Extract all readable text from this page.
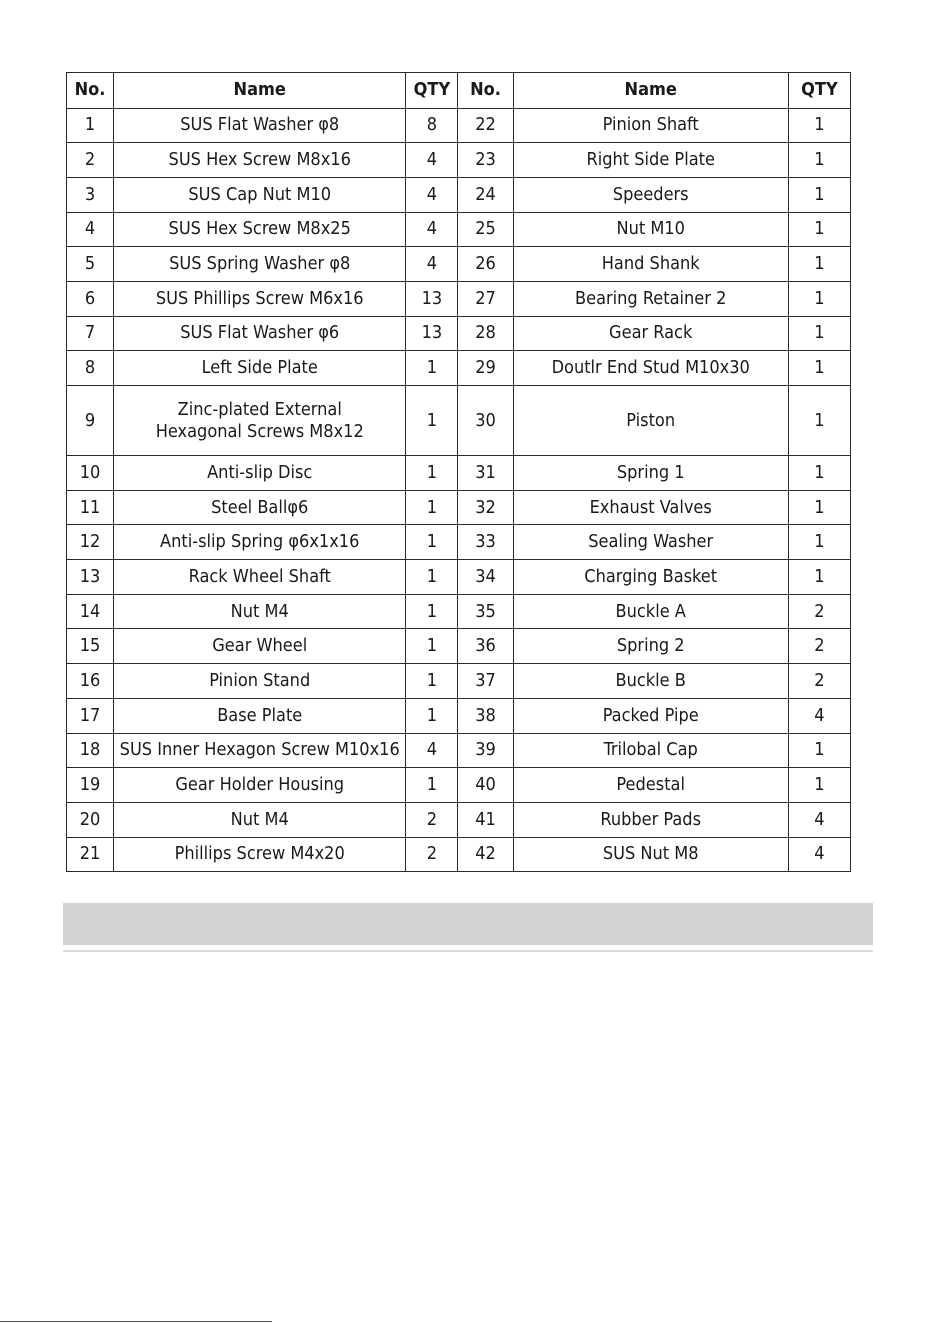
No.	Name	QTY	No.	Name	QTY
1	SUS Flat Washer φ8	8	22	Pinion Shaft	1
2	SUS Hex Screw M8x16	4	23	Right Side Plate	1
3	SUS Cap Nut M10	4	24	Speeders	1
4	SUS Hex Screw M8x25	4	25	Nut M10	1
5	SUS Spring Washer φ8	4	26	Hand Shank	1
6	SUS Phillips Screw M6x16	13	27	Bearing Retainer 2	1
7	SUS Flat Washer φ6	13	28	Gear Rack	1
8	Left Side Plate	1	29	Doutlr End Stud M10x30	1
9	Zinc-plated External
Hexagonal Screws M8x12	1	30	Piston	1
10	Anti-slip Disc	1	31	Spring 1	1
11	Steel Ballφ6	1	32	Exhaust Valves	1
12	Anti-slip Spring φ6x1x16	1	33	Sealing Washer	1
13	Rack Wheel Shaft	1	34	Charging Basket	1
14	Nut M4	1	35	Buckle A	2
15	Gear Wheel	1	36	Spring 2	2
16	Pinion Stand	1	37	Buckle B	2
17	Base Plate	1	38	Packed Pipe	4
18	SUS Inner Hexagon Screw M10x16	4	39	Trilobal Cap	1
19	Gear Holder Housing	1	40	Pedestal	1
20	Nut M4	2	41	Rubber Pads	4
21	Phillips Screw M4x20	2	42	SUS Nut M8	4
